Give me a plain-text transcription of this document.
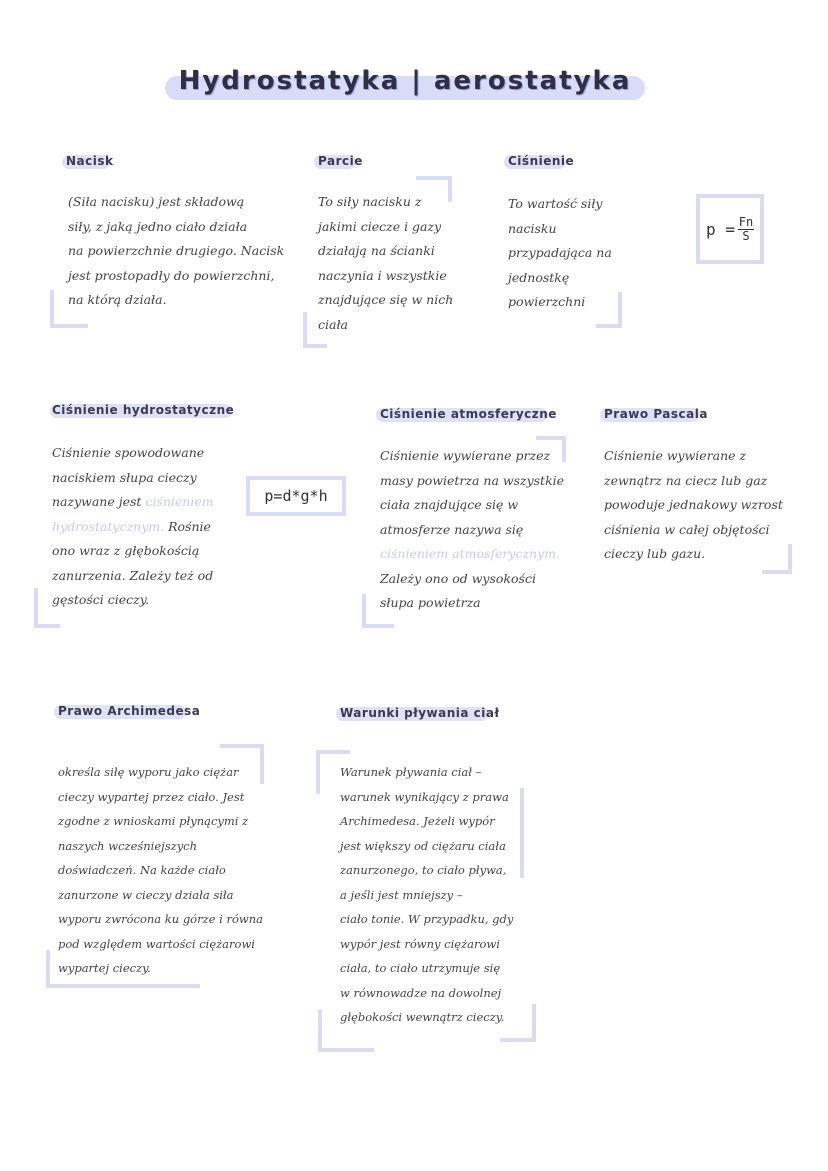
Hydrostatyka | aerostatyka
Nacisk
(Siła nacisku) jest składową
siły, z jaką jedno ciało działa
na powierzchnie drugiego. Nacisk
jest prostopadły do powierzchni,
na którą działa.
Parcie
To siły nacisku z
jakimi ciecze i gazy
działają na ścianki
naczynia i wszystkie
znajdujące się w nich
ciała
Ciśnienie
To wartość siły
nacisku
przypadająca na
jednostkę
powierzchni
$p = \frac{Fn}{S}$
Ciśnienie hydrostatyczne
Ciśnienie spowodowane
naciskiem słupa cieczy
nazywane jest ciśnieniem
hydrostatycznym. Rośnie
ono wraz z głębokością
zanurzenia. Zależy też od
gęstości cieczy.
p=d*g*h
Ciśnienie atmosferyczne
Ciśnienie wywierane przez
masy powietrza na wszystkie
ciała znajdujące się w
atmosferze nazywa się
ciśnieniem atmosferycznym.
Zależy ono od wysokości
słupa powietrza
Prawo Pascala
Ciśnienie wywierane z
zewnątrz na ciecz lub gaz
powoduje jednakowy wzrost
ciśnienia w całej objętości
cieczy lub gazu.
Prawo Archimedesa
określa siłę wyporu jako ciężar
cieczy wypartej przez ciało. Jest
zgodne z wnioskami płynącymi z
naszych wcześniejszych
doświadczeń. Na każde ciało
zanurzone w cieczy działa siła
wyporu zwrócona ku górze i równa
pod względem wartości ciężarowi
wypartej cieczy.
Warunki pływania ciał
Warunek pływania ciał –
warunek wynikający z prawa
Archimedesa. Jeżeli wypór
jest większy od ciężaru ciała
zanurzonego, to ciało pływa,
a jeśli jest mniejszy –
ciało tonie. W przypadku, gdy
wypór jest równy ciężarowi
ciała, to ciało utrzymuje się
w równowadze na dowolnej
głębokości wewnątrz cieczy.
